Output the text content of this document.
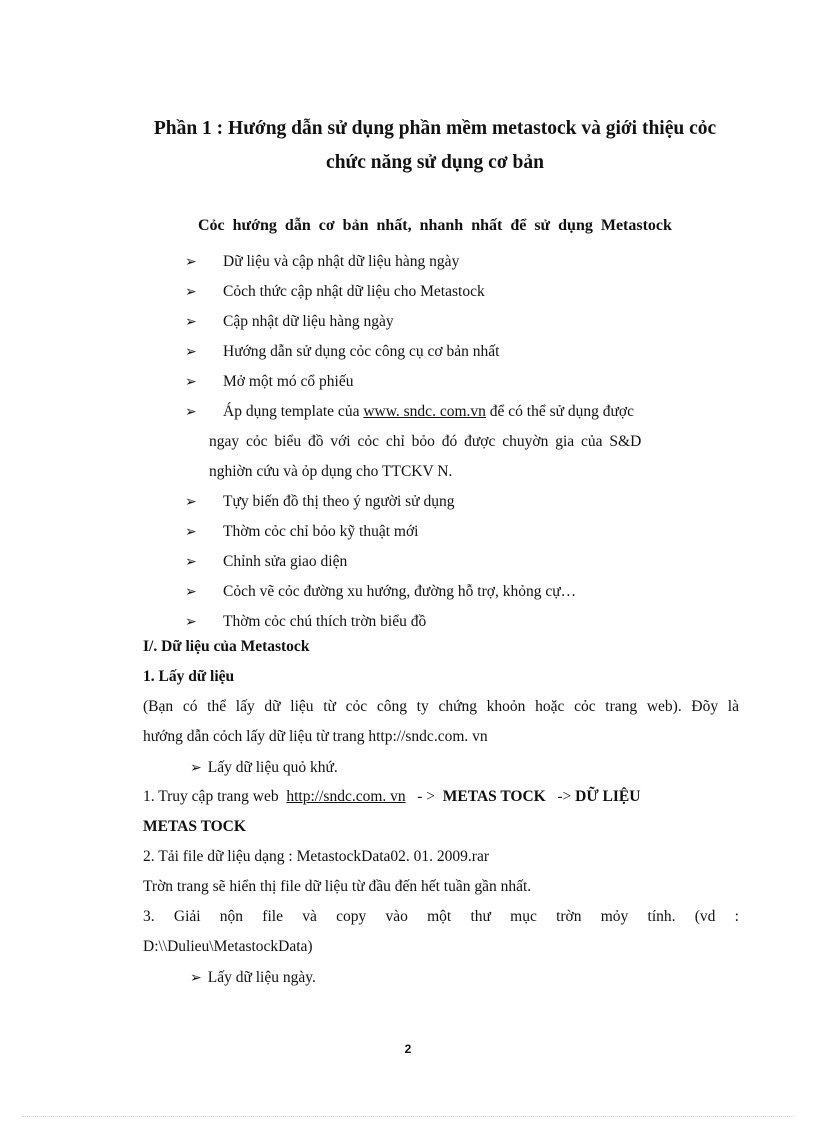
Phần 1 : Hướng dẫn sử dụng phần mềm metastock và giới thiệu cỏc
chức năng sử dụng cơ bản
Cỏc hướng dẫn cơ bản nhất, nhanh nhất để sử dụng Metastock
➢ Dữ liệu và cập nhật dữ liệu hàng ngày
➢ Cỏch thức cập nhật dữ liệu cho Metastock
➢ Cập nhật dữ liệu hàng ngày
➢ Hướng dẫn sử dụng cỏc công cụ cơ bản nhất
➢ Mở một mó cổ phiếu
➢ Áp dụng template của www. sndc. com.vn để có thể sử dụng được
ngay cỏc biểu đồ với cỏc chỉ bỏo đó được chuyờn gia của S&D
nghiờn cứu và ỏp dụng cho TTCKV N.
➢ Tựy biến đồ thị theo ý người sử dụng
➢ Thờm cỏc chỉ bỏo kỹ thuật mới
➢ Chỉnh sửa giao diện
➢ Cỏch vẽ cỏc đường xu hướng, đường hỗ trợ, khỏng cự…
➢ Thờm cỏc chú thích trờn biểu đồ
I/. Dữ liệu của Metastock
1. Lấy dữ liệu
(Bạn có thể lấy dữ liệu từ cỏc công ty chứng khoỏn hoặc cỏc trang web). Đõy là
hướng dẫn cỏch lấy dữ liệu từ trang http://sndc.com. vn
➢ Lấy dữ liệu quỏ khứ.
1. Truy cập trang web http://sndc.com. vn - > METAS TOCK -> DỮ LIỆU
METAS TOCK
2. Tải file dữ liệu dạng : MetastockData02. 01. 2009.rar
Trờn trang sẽ hiển thị file dữ liệu từ đầu đến hết tuần gần nhất.
3. Giải nộn file và copy vào một thư mục trờn mỏy tính. (vd :
D:\\Dulieu\MetastockData)
➢ Lấy dữ liệu ngày.
2
